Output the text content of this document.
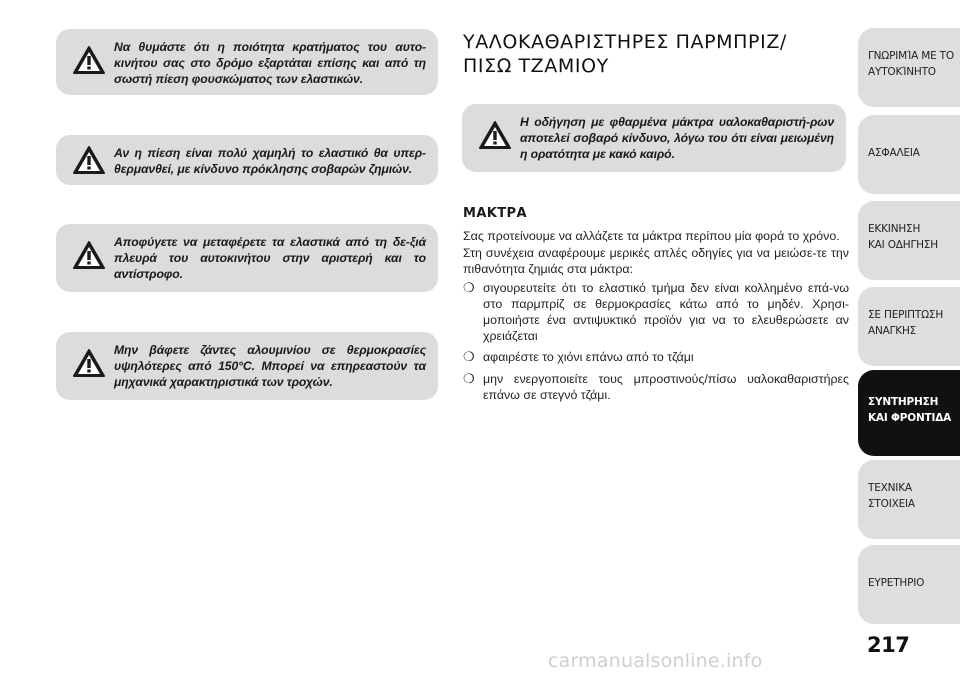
Να θυμάστε ότι η ποιότητα κρατήματος του αυτο-κινήτου σας στο δρόμο εξαρτάται επίσης και από τη σωστή πίεση φουσκώματος των ελαστικών.
Αν η πίεση είναι πολύ χαμηλή το ελαστικό θα υπερ-θερμανθεί, με κίνδυνο πρόκλησης σοβαρών ζημιών.
Αποφύγετε να μεταφέρετε τα ελαστικά από τη δε-ξιά πλευρά του αυτοκινήτου στην αριστερή και το αντίστροφο.
Μην βάφετε ζάντες αλουμινίου σε θερμοκρασίες υψηλότερες από 150°C. Μπορεί να επηρεαστούν τα μηχανικά χαρακτηριστικά των τροχών.
ΥΑΛΟΚΑΘΑΡΙΣΤΗΡΕΣ ΠΑΡΜΠΡΙΖ/
ΠΙΣΩ ΤΖΑΜΙΟΥ
Η οδήγηση με φθαρμένα μάκτρα υαλοκαθαριστή-ρων αποτελεί σοβαρό κίνδυνο, λόγω του ότι είναι μειωμένη η ορατότητα με κακό καιρό.
ΜΑΚΤΡΑ

Σας προτείνουμε να αλλάζετε τα μάκτρα περίπου μία φορά το χρόνο.

Στη συνέχεια αναφέρουμε μερικές απλές οδηγίες για να μειώσε-τε την πιθανότητα ζημιάς στα μάκτρα:

❍ σιγουρευτείτε ότι το ελαστικό τμήμα δεν είναι κολλημένο επά-νω στο παρμπρίζ σε θερμοκρασίες κάτω από το μηδέν. Χρησι-μοποιήστε ένα αντιψυκτικό προϊόν για να το ελευθερώσετε αν χρειάζεται
❍ αφαιρέστε το χιόνι επάνω από το τζάμι
❍ μην ενεργοποιείτε τους μπροστινούς/πίσω υαλοκαθαριστήρες επάνω σε στεγνό τζάμι.
ΓΝΩΡΙΜΊΑ ΜΕ ΤΟ
ΑΥΤΟΚΊΝΗΤΟ
ΑΣΦΑΛΕΙΑ
ΕΚΚΙΝΗΣΗ
ΚΑΙ ΟΔΗΓΗΣΗ
ΣΕ ΠΕΡΙΠΤΩΣΗ
ΑΝΑΓΚΗΣ
ΣΥΝΤΗΡΗΣΗ
ΚΑΙ ΦΡΟΝΤΙΔΑ
ΤΕΧΝΙΚΑ
ΣΤΟΙΧΕΙΑ
ΕΥΡΕΤΗΡΙΟ
217
carmanualsonline.info
